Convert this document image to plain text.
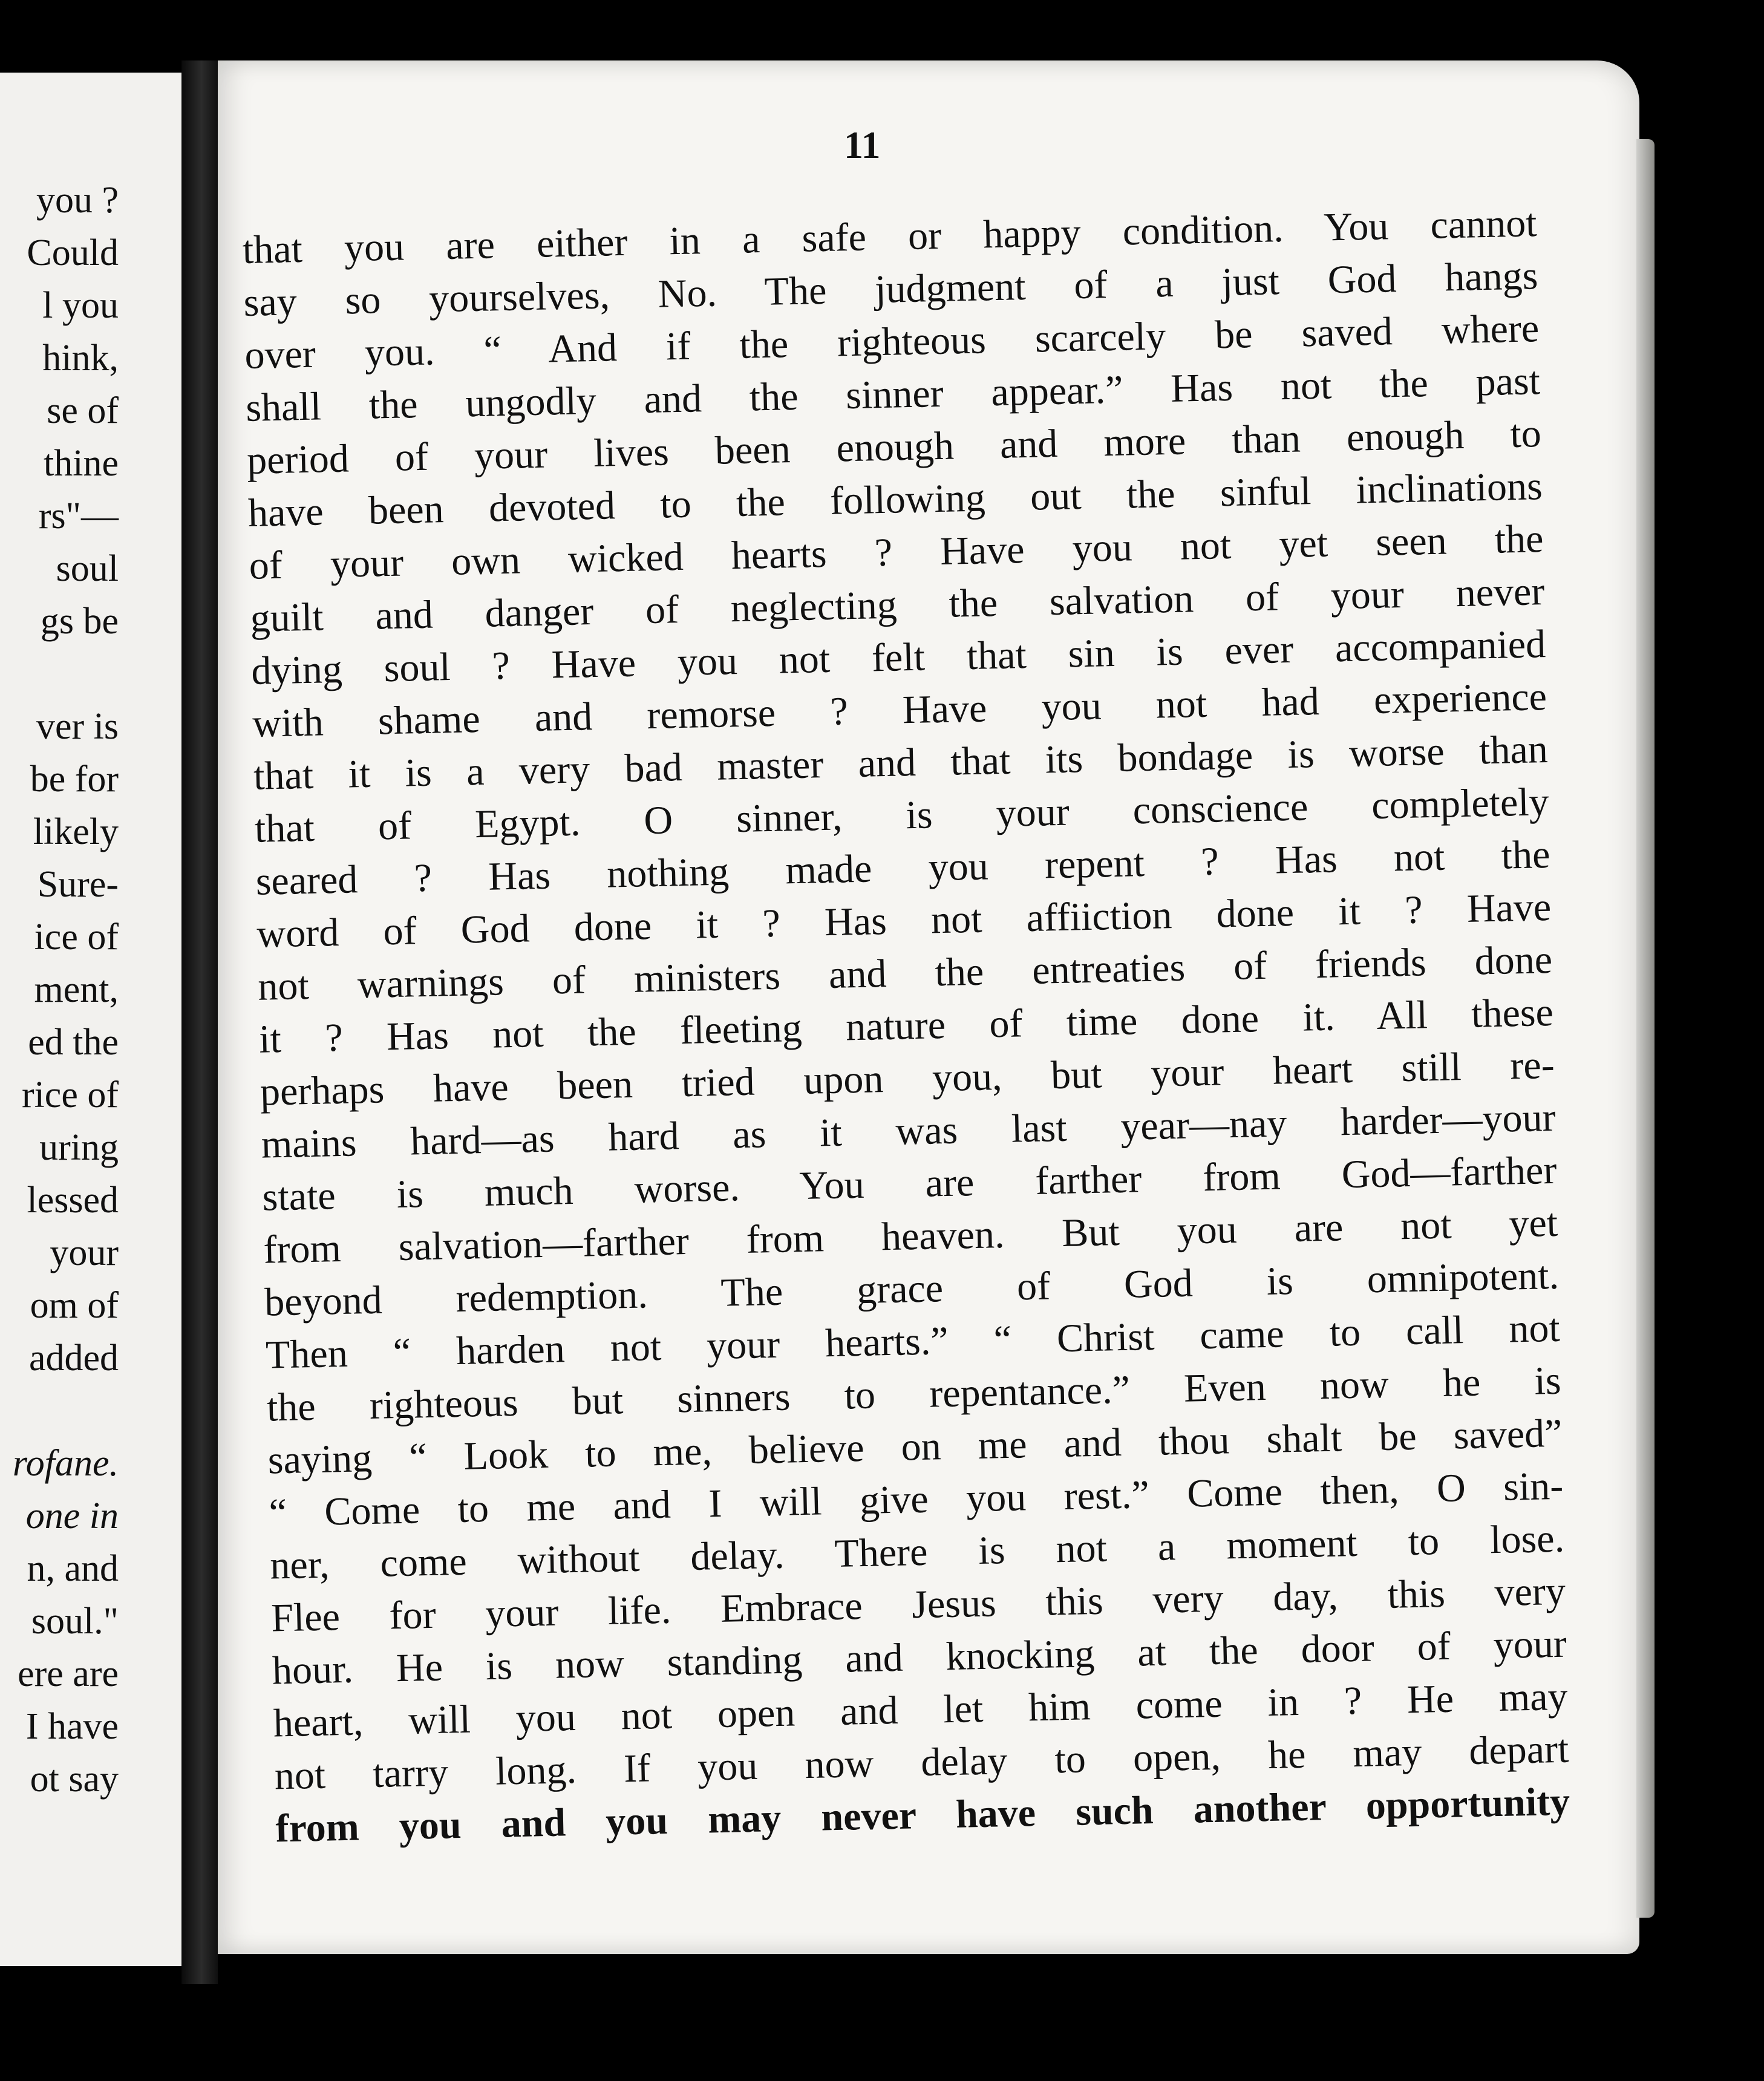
you ?
Could
l you
hink,
se of
thine
rs"—
soul
gs be
ver is
be for
likely
Sure-
ice of
ment,
ed the
rice of
uring
lessed
your
om of
added
rofane.
one in
n, and
soul."
ere are
I have
ot say
11
that you are either in a safe or happy condition. You cannot
say so yourselves, No. The judgment of a just God hangs
over you. “ And if the righteous scarcely be saved where
shall the ungodly and the sinner appear.” Has not the past
period of your lives been enough and more than enough to
have been devoted to the following out the sinful inclinations
of your own wicked hearts ? Have you not yet seen the
guilt and danger of neglecting the salvation of your never
dying soul ? Have you not felt that sin is ever accompanied
with shame and remorse ? Have you not had experience
that it is a very bad master and that its bondage is worse than
that of Egypt. O sinner, is your conscience completely
seared ? Has nothing made you repent ? Has not the
word of God done it ? Has not affiiction done it ? Have
not warnings of ministers and the entreaties of friends done
it ? Has not the fleeting nature of time done it. All these
perhaps have been tried upon you, but your heart still re-
mains hard—as hard as it was last year—nay harder—your
state is much worse. You are farther from God—farther
from salvation—farther from heaven. But you are not yet
beyond redemption. The grace of God is omnipotent.
Then “ harden not your hearts.” “ Christ came to call not
the righteous but sinners to repentance.” Even now he is
saying “ Look to me, believe on me and thou shalt be saved”
“ Come to me and I will give you rest.” Come then, O sin-
ner, come without delay. There is not a moment to lose.
Flee for your life. Embrace Jesus this very day, this very
hour. He is now standing and knocking at the door of your
heart, will you not open and let him come in ? He may
not tarry long. If you now delay to open, he may depart
from you and you may never have such another opportunity
